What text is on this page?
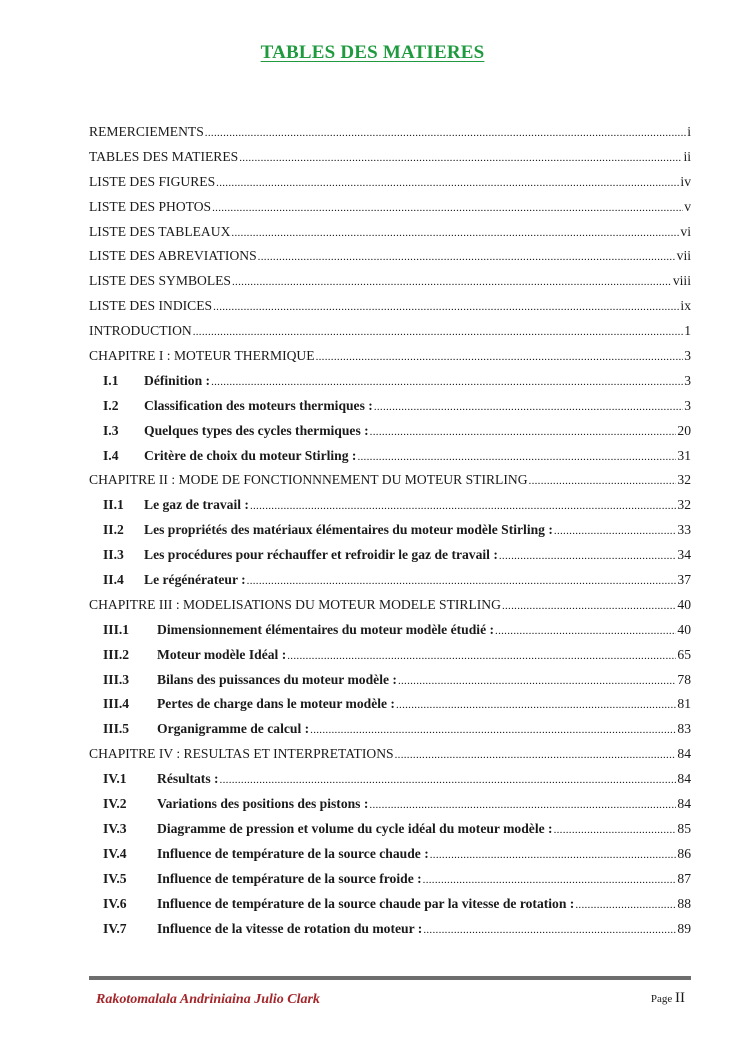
TABLES DES MATIERES
REMERCIEMENTS .....	i
TABLES DES MATIERES .....	ii
LISTE DES FIGURES .....	iv
LISTE DES PHOTOS .....	v
LISTE DES TABLEAUX .....	vi
LISTE DES ABREVIATIONS .....	vii
LISTE DES SYMBOLES .....	viii
LISTE DES INDICES .....	ix
INTRODUCTION .....	1
CHAPITRE I : MOTEUR THERMIQUE .....	3
I.1	Définition : .....	3
I.2	Classification des moteurs thermiques : .....	3
I.3	Quelques types des cycles thermiques : .....	20
I.4	Critère de choix du moteur Stirling : .....	31
CHAPITRE II : MODE DE FONCTIONNNEMENT DU MOTEUR STIRLING .....	32
II.1	Le gaz de travail : .....	32
II.2	Les propriétés des matériaux élémentaires du moteur modèle Stirling : .....	33
II.3	Les procédures pour réchauffer et refroidir le gaz de travail : .....	34
II.4	Le régénérateur : .....	37
CHAPITRE III : MODELISATIONS DU MOTEUR MODELE STIRLING .....	40
III.1	Dimensionnement élémentaires du moteur modèle étudié : .....	40
III.2	Moteur modèle Idéal : .....	65
III.3	Bilans des puissances du moteur modèle : .....	78
III.4	Pertes de charge dans le moteur modèle : .....	81
III.5	Organigramme de calcul : .....	83
CHAPITRE IV : RESULTAS ET INTERPRETATIONS .....	84
IV.1	Résultats : .....	84
IV.2	Variations des positions des pistons : .....	84
IV.3	Diagramme de pression et volume du cycle idéal du moteur modèle : .....	85
IV.4	Influence de température de la source chaude : .....	86
IV.5	Influence de température de la source froide : .....	87
IV.6	Influence de température de la source chaude par la vitesse de rotation : .....	88
IV.7	Influence de la vitesse de rotation du moteur : .....	89
Rakotomalala Andriniaina Julio Clark	Page II
